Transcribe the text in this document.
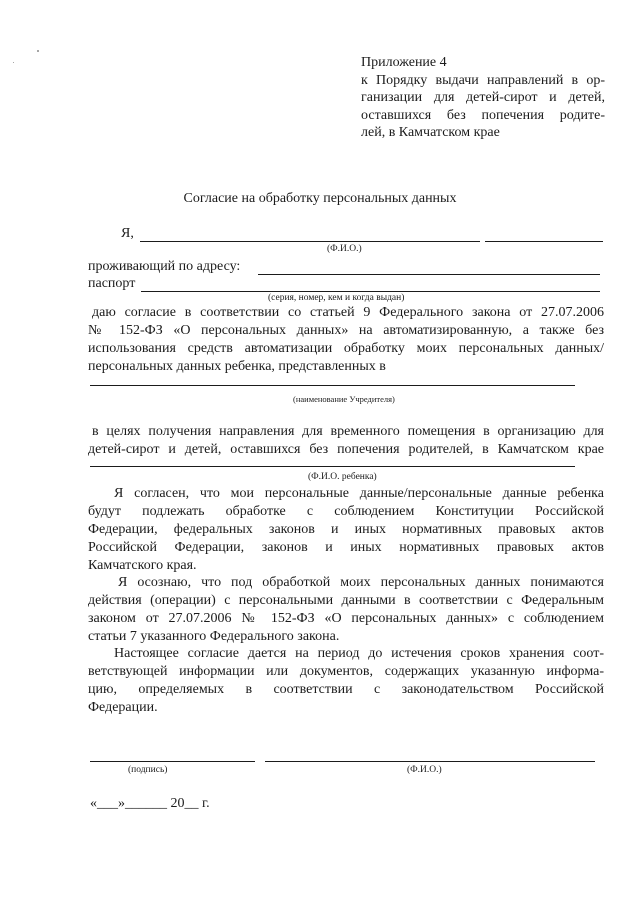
Приложение 4
к Порядку выдачи направлений в ор-
ганизации для детей-сирот и детей,
оставшихся без попечения родите-
лей, в Камчатском крае
Согласие на обработку персональных данных
Я,
(Ф.И.О.)
проживающий по адресу:
паспорт
(серия, номер, кем и когда выдан)
даю согласие в соответствии со статьей 9 Федерального закона от 27.07.2006
№ 152-ФЗ «О персональных данных» на автоматизированную, а также без
использования средств автоматизации обработку моих персональных данных/
персональных данных ребенка, представленных в
(наименование Учредителя)
в целях получения направления для временного помещения в организацию для
детей-сирот и детей, оставшихся без попечения родителей, в Камчатском крае
(Ф.И.О. ребенка)
Я согласен, что мои персональные данные/персональные данные ребенка
будут подлежать обработке с соблюдением Конституции Российской
Федерации, федеральных законов и иных нормативных правовых актов
Российской Федерации, законов и иных нормативных правовых актов
Камчатского края.
Я осознаю, что под обработкой моих персональных данных понимаются
действия (операции) с персональными данными в соответствии с Федеральным
законом от 27.07.2006 № 152-ФЗ «О персональных данных» с соблюдением
статьи 7 указанного Федерального закона.
Настоящее согласие дается на период до истечения сроков хранения соот-
ветствующей информации или документов, содержащих указанную информа-
цию, определяемых в соответствии с законодательством Российской
Федерации.
(подпись)	(Ф.И.О.)
«___»______ 20__ г.
